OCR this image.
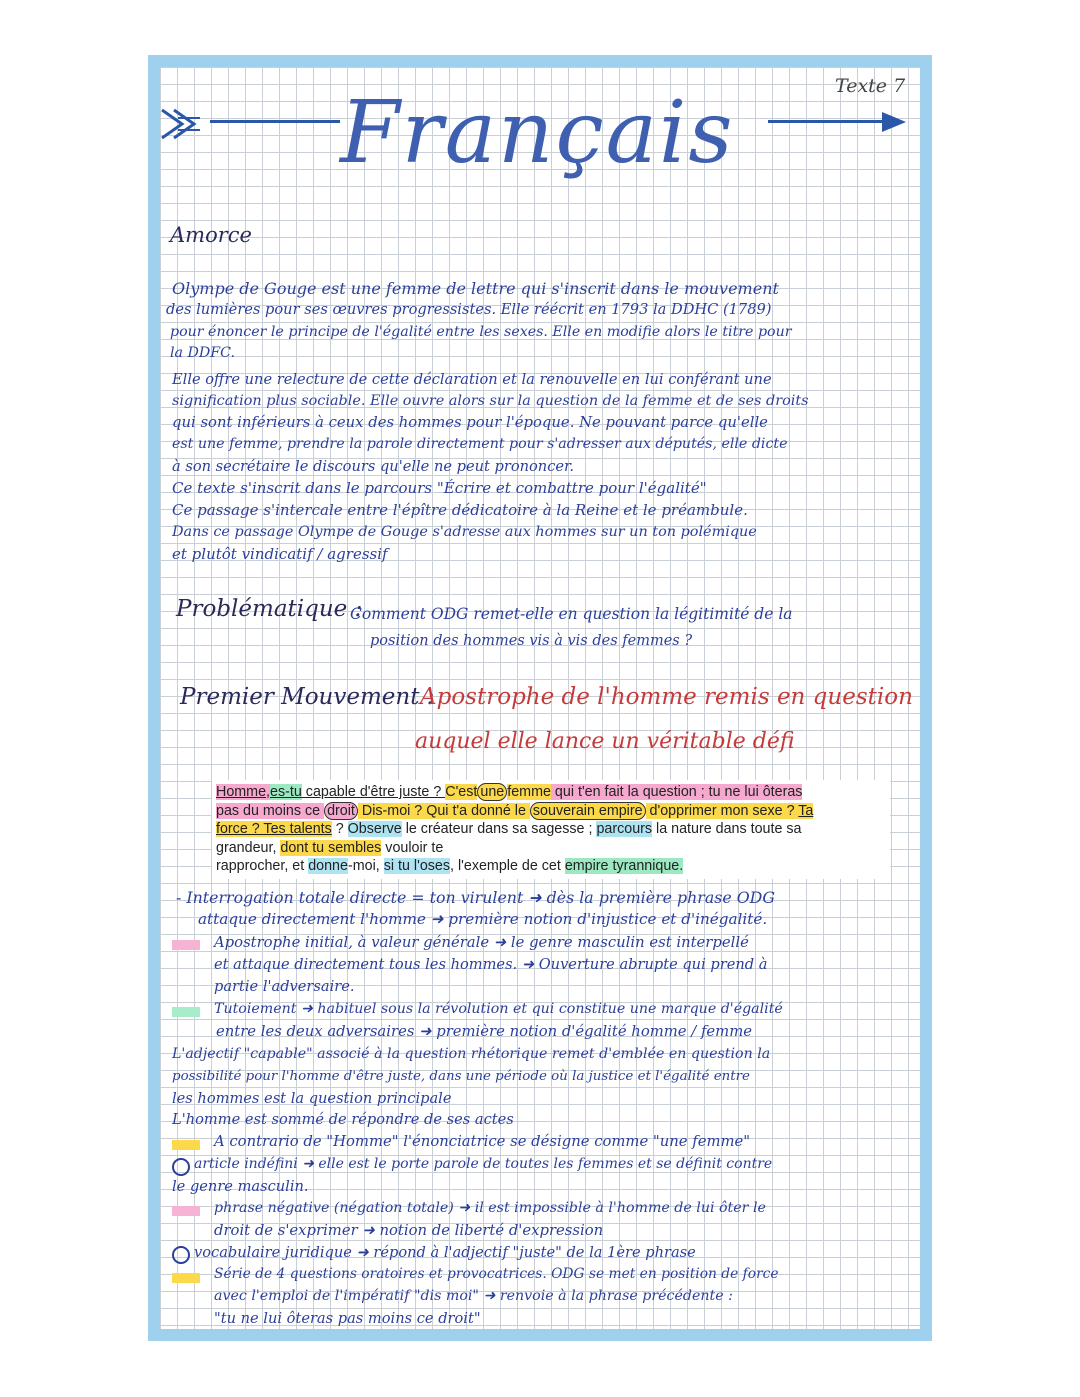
Texte 7
Français
Amorce
Olympe de Gouge est une femme de lettre qui s'inscrit dans le mouvement
des lumières pour ses œuvres progressistes. Elle réécrit en 1793 la DDHC (1789)
pour énoncer le principe de l'égalité entre les sexes. Elle en modifie alors le titre pour
la DDFC.
Elle offre une relecture de cette déclaration et la renouvelle en lui conférant une
signification plus sociable. Elle ouvre alors sur la question de la femme et de ses droits
qui sont inférieurs à ceux des hommes pour l'époque. Ne pouvant parce qu'elle
est une femme, prendre la parole directement pour s'adresser aux députés, elle dicte
à son secrétaire le discours qu'elle ne peut prononcer.
Ce texte s'inscrit dans le parcours "Écrire et combattre pour l'égalité"
Ce passage s'intercale entre l'épître dédicatoire à la Reine et le préambule.
Dans ce passage Olympe de Gouge s'adresse aux hommes sur un ton polémique
et plutôt vindicatif / agressif
Problématique :
Comment ODG remet-elle en question la légitimité de la
position des hommes vis à vis des femmes ?
Premier Mouvement :
Apostrophe de l'homme remis en question
auquel elle lance un véritable défi
Homme,es-tu capable d'être juste ? C'est une femme qui t'en fait la question ; tu ne lui ôteras
pas du moins ce droit Dis-moi ? Qui t'a donné le souverain empire d'opprimer mon sexe ? Ta
force ? Tes talents ? Observe le créateur dans sa sagesse ; parcours la nature dans toute sa
grandeur, dont tu sembles vouloir te
rapprocher, et donne-moi, si tu l'oses, l'exemple de cet empire tyrannique.
- Interrogation totale directe = ton virulent ➜ dès la première phrase ODG
attaque directement l'homme ➜ première notion d'injustice et d'inégalité.
Apostrophe initial, à valeur générale ➜ le genre masculin est interpellé
et attaque directement tous les hommes. ➜ Ouverture abrupte qui prend à
partie l'adversaire.
Tutoiement ➜ habituel sous la révolution et qui constitue une marque d'égalité
entre les deux adversaires ➜ première notion d'égalité homme / femme
L'adjectif "capable" associé à la question rhétorique remet d'emblée en question la
possibilité pour l'homme d'être juste, dans une période où la justice et l'égalité entre
les hommes est la question principale
L'homme est sommé de répondre de ses actes
A contrario de "Homme" l'énonciatrice se désigne comme "une femme"
article indéfini ➜ elle est le porte parole de toutes les femmes et se définit contre
le genre masculin.
phrase négative (négation totale) ➜ il est impossible à l'homme de lui ôter le
droit de s'exprimer ➜ notion de liberté d'expression
vocabulaire juridique ➜ répond à l'adjectif "juste" de la 1ère phrase
Série de 4 questions oratoires et provocatrices. ODG se met en position de force
avec l'emploi de l'impératif "dis moi" ➜ renvoie à la phrase précédente :
"tu ne lui ôteras pas moins ce droit"
